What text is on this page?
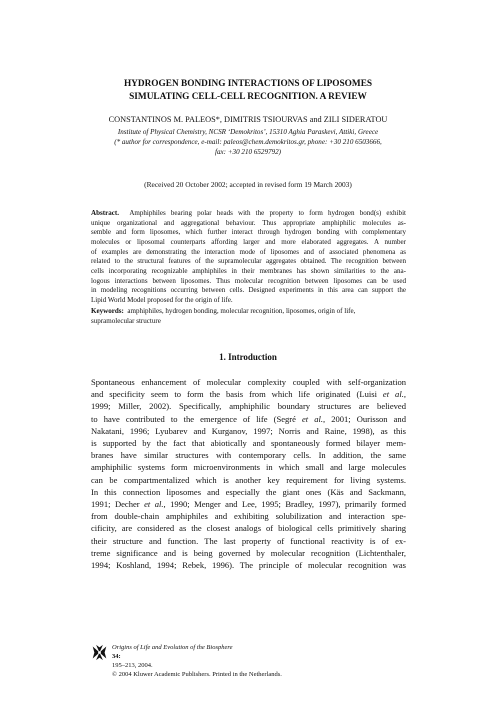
HYDROGEN BONDING INTERACTIONS OF LIPOSOMES
SIMULATING CELL-CELL RECOGNITION. A REVIEW
CONSTANTINOS M. PALEOS*, DIMITRIS TSIOURVAS and ZILI SIDERATOU
Institute of Physical Chemistry, NCSR ‘Demokritos’, 15310 Aghia Paraskevi, Attiki, Greece
(* author for correspondence, e-mail: paleos@chem.demokritos.gr, phone: +30 210 6503666,
fax: +30 210 6529792)
(Received 20 October 2002; accepted in revised form 19 March 2003)
Abstract. Amphiphiles bearing polar heads with the property to form hydrogen bond(s) exhibit
unique organizational and aggregational behaviour. Thus appropriate amphiphilic molecules as-
semble and form liposomes, which further interact through hydrogen bonding with complementary
molecules or liposomal counterparts affording larger and more elaborated aggregates. A number
of examples are demonstrating the interaction mode of liposomes and of associated phenomena as
related to the structural features of the supramolecular aggregates obtained. The recognition between
cells incorporating recognizable amphiphiles in their membranes has shown similarities to the ana-
logous interactions between liposomes. Thus molecular recognition between liposomes can be used
in modeling recognitions occurring between cells. Designed experiments in this area can support the
Lipid World Model proposed for the origin of life.
Keywords: amphiphiles, hydrogen bonding, molecular recognition, liposomes, origin of life,
supramolecular structure
1. Introduction
Spontaneous enhancement of molecular complexity coupled with self-organization
and specificity seem to form the basis from which life originated (Luisi et al.,
1999; Miller, 2002). Specifically, amphiphilic boundary structures are believed
to have contributed to the emergence of life (Segré et al., 2001; Ourisson and
Nakatani, 1996; Lyubarev and Kurganov, 1997; Norris and Raine, 1998), as this
is supported by the fact that abiotically and spontaneously formed bilayer mem-
branes have similar structures with contemporary cells. In addition, the same
amphiphilic systems form microenvironments in which small and large molecules
can be compartmentalized which is another key requirement for living systems.
In this connection liposomes and especially the giant ones (Käs and Sackmann,
1991; Decher et al., 1990; Menger and Lee, 1995; Bradley, 1997), primarily formed
from double-chain amphiphiles and exhibiting solubilization and interaction spe-
cificity, are considered as the closest analogs of biological cells primitively sharing
their structure and function. The last property of functional reactivity is of ex-
treme significance and is being governed by molecular recognition (Lichtenthaler,
1994; Koshland, 1994; Rebek, 1996). The principle of molecular recognition was
Origins of Life and Evolution of the Biosphere
34:
195–213, 2004.
© 2004 Kluwer Academic Publishers. Printed in the Netherlands.
